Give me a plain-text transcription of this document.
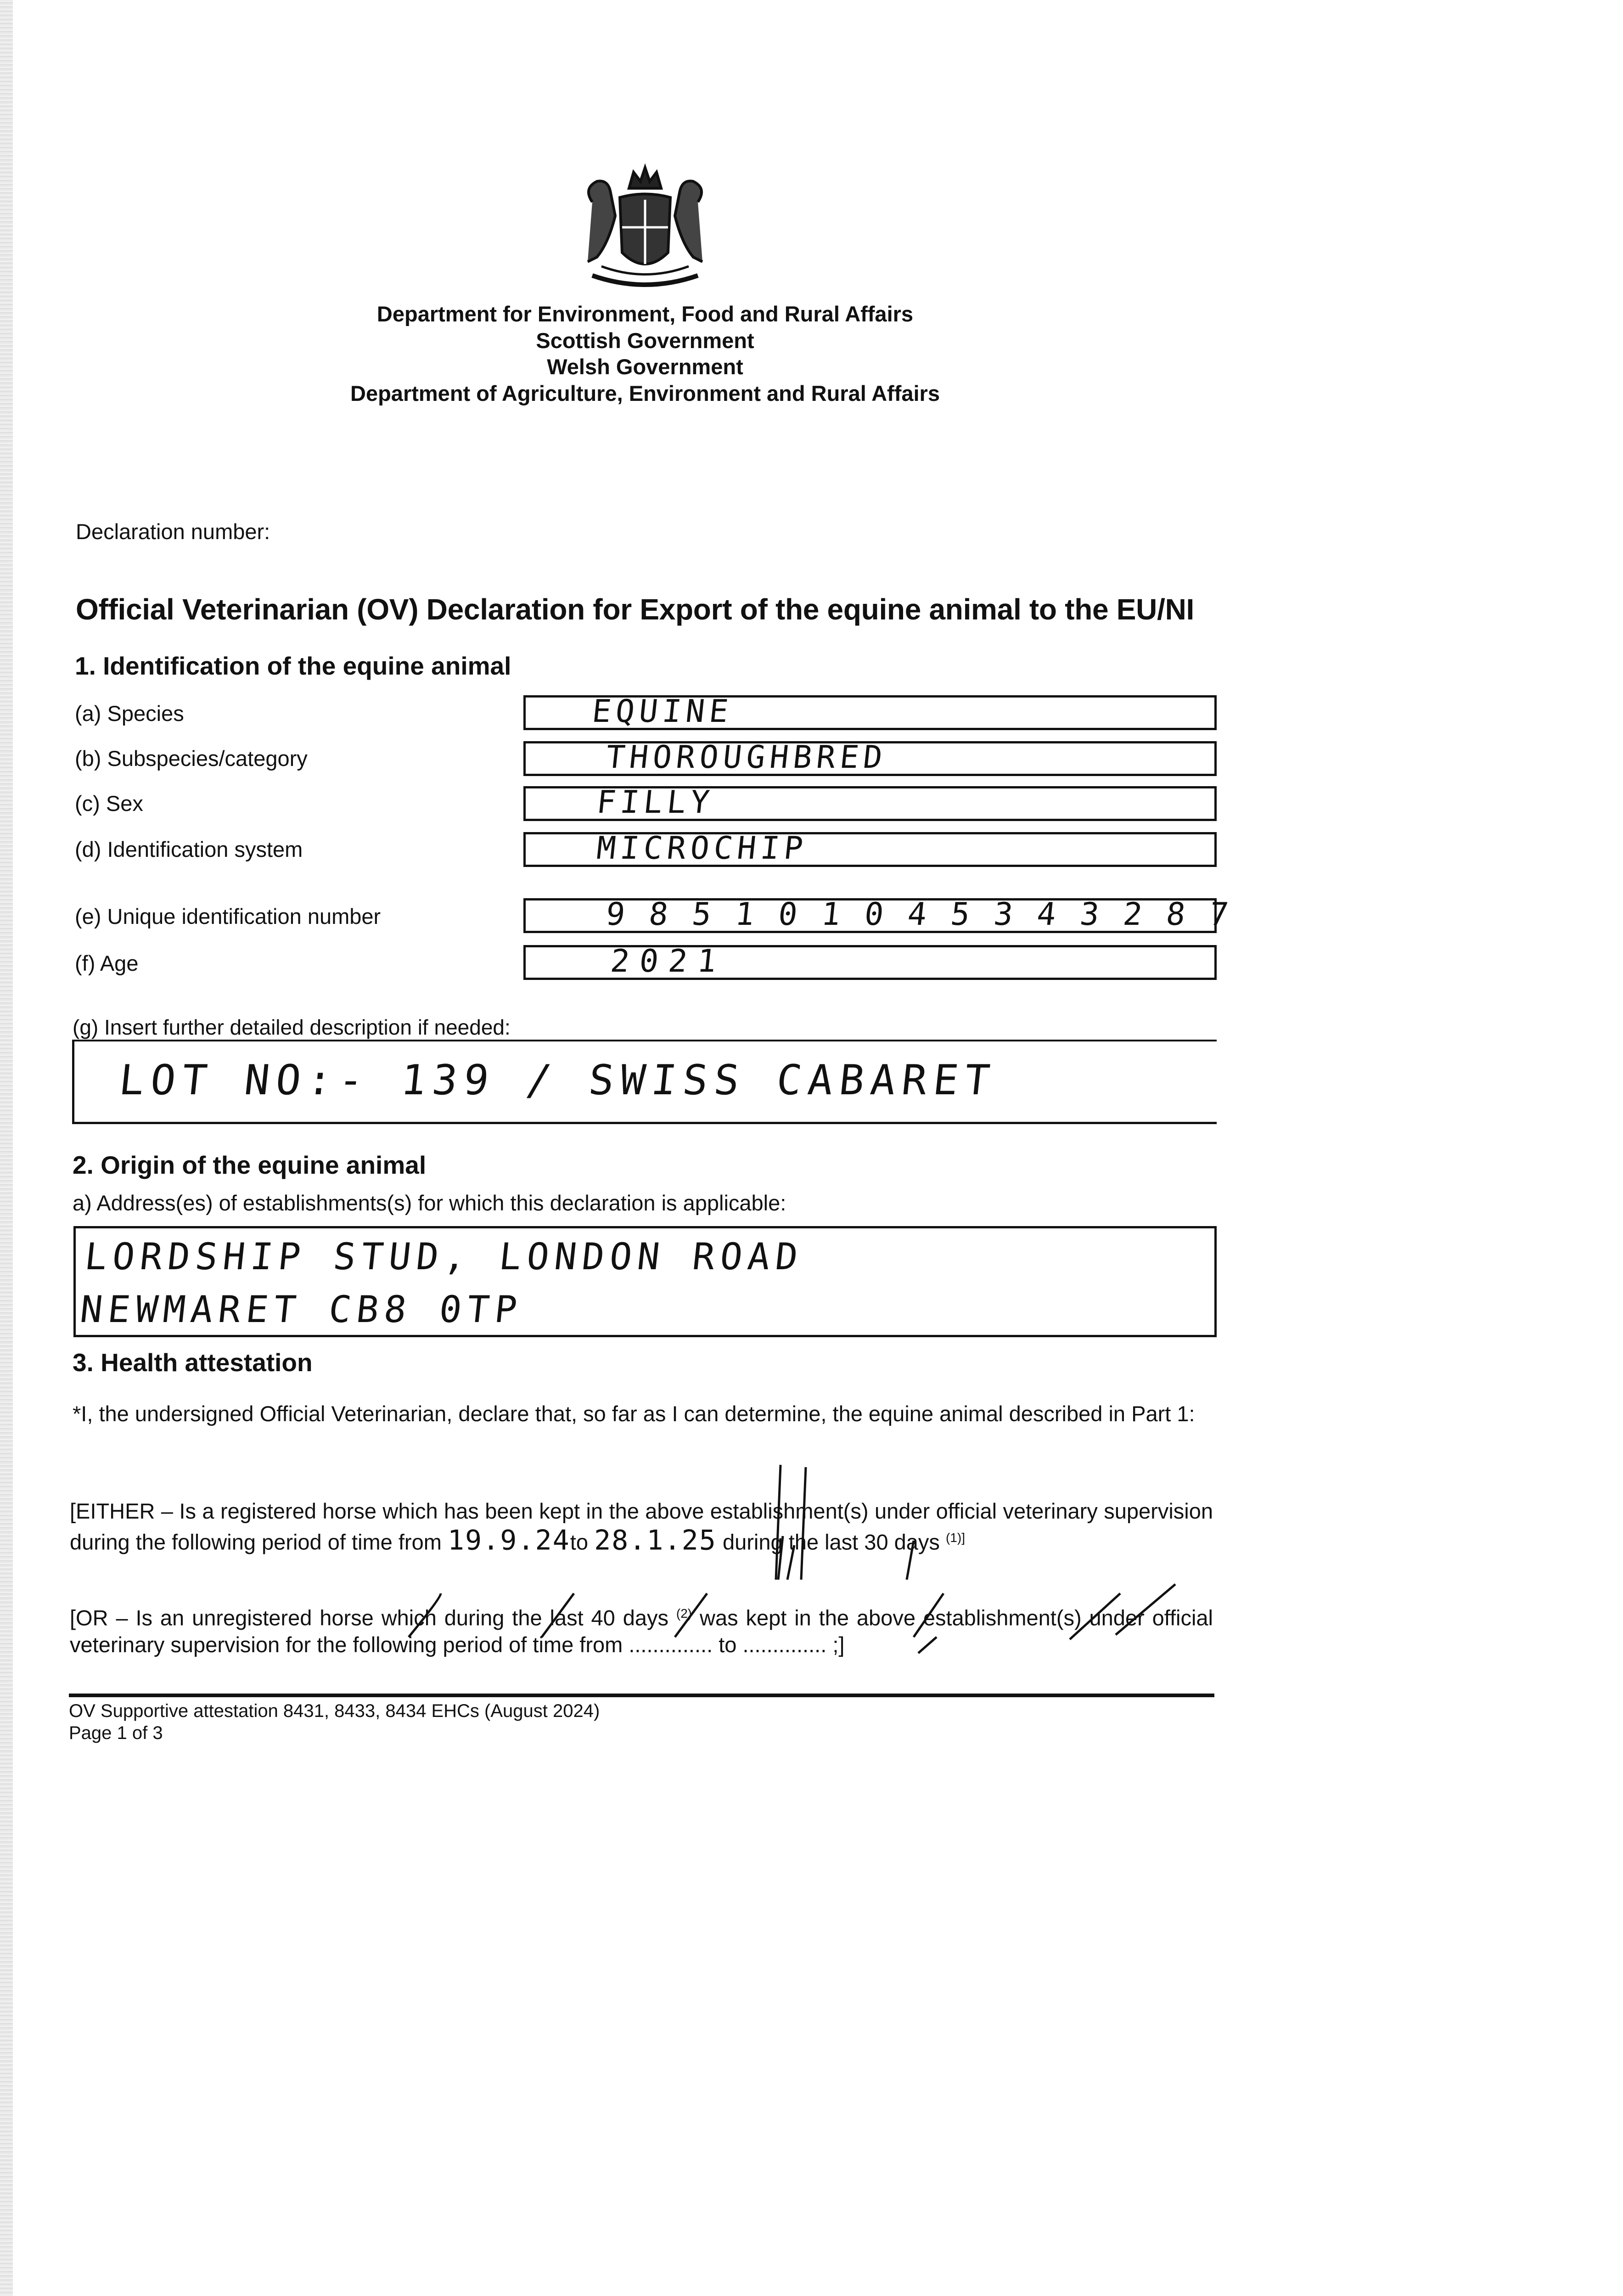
Department for Environment, Food and Rural Affairs
Scottish Government
Welsh Government
Department of Agriculture, Environment and Rural Affairs
Declaration number:
Official Veterinarian (OV) Declaration for Export of the equine animal to the EU/NI
1. Identification of the equine animal
(a) Species	EQUINE
(b) Subspecies/category	THOROUGHBRED
(c) Sex	FILLY
(d) Identification system	MICROCHIP
(e) Unique identification number	9 8 5 1 0 1 0 4 5 3 4 3 2 8 7
(f) Age	2021
(g) Insert further detailed description if needed:
LOT NO:- 139 / SWISS CABARET
2. Origin of the equine animal
a) Address(es) of establishments(s) for which this declaration is applicable:
LORDSHIP STUD, LONDON ROAD
NEWMARET CB8 0TP
3. Health attestation
*I, the undersigned Official Veterinarian, declare that, so far as I can determine, the equine animal described in Part 1:
[EITHER – Is a registered horse which has been kept in the above establishment(s) under official veterinary supervision during the following period of time from 19.9.24to 28.1.25 during the last 30 days $^{(1)]}$
[OR – Is an unregistered horse which during the last 40 days $^{(2)}$ was kept in the above establishment(s) under official veterinary supervision for the following period of time from .............. to .............. ;]
OV Supportive attestation 8431, 8433, 8434 EHCs (August 2024)
Page 1 of 3
